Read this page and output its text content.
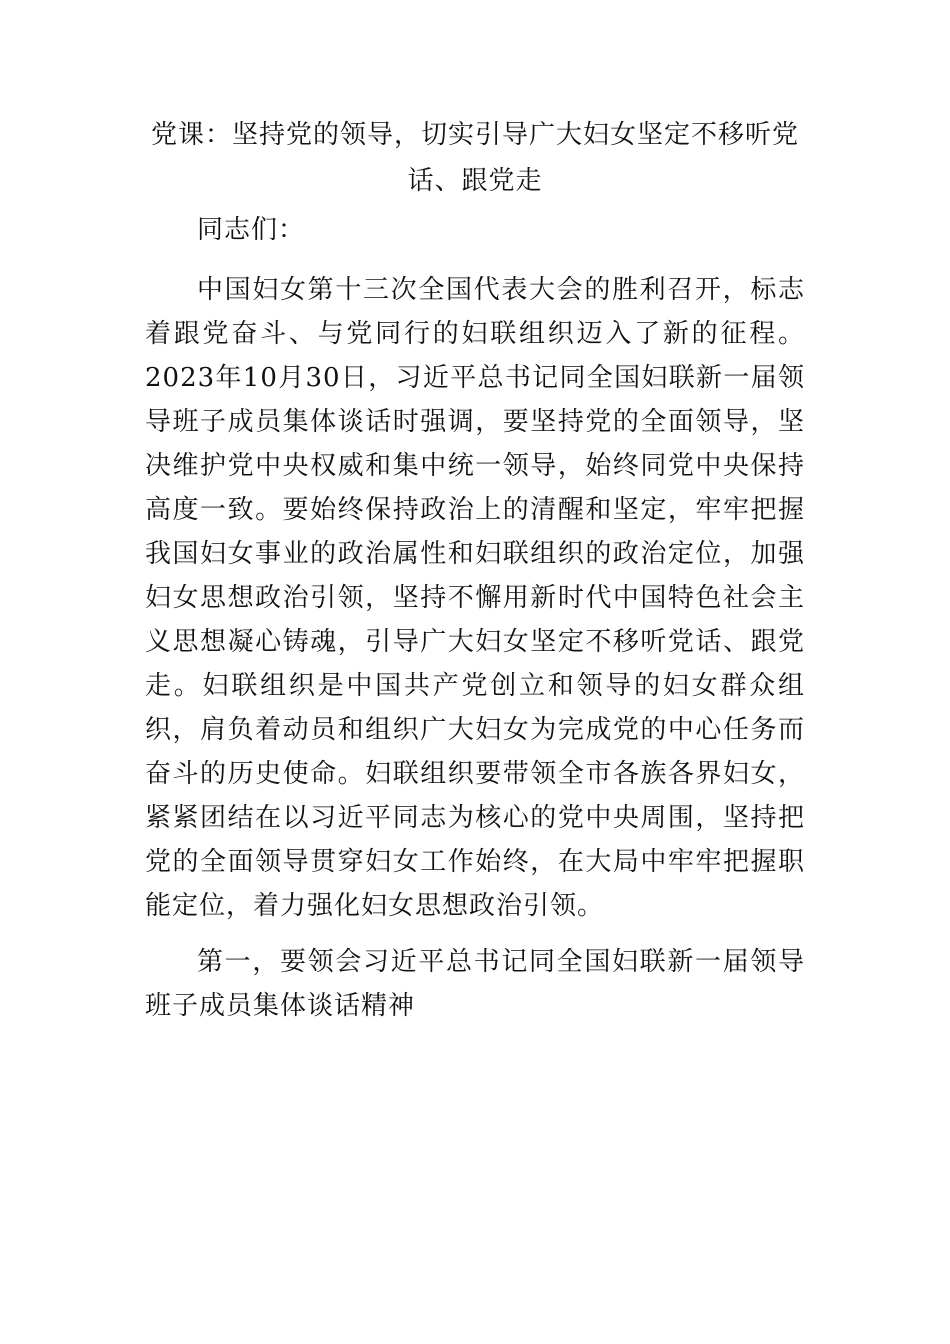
党课：坚持党的领导，切实引导广大妇女坚定不移听党话、跟党走

同志们：

中国妇女第十三次全国代表大会的胜利召开，标志着跟党奋斗、与党同行的妇联组织迈入了新的征程。2023年10月30日，习近平总书记同全国妇联新一届领导班子成员集体谈话时强调，要坚持党的全面领导，坚决维护党中央权威和集中统一领导，始终同党中央保持高度一致。要始终保持政治上的清醒和坚定，牢牢把握我国妇女事业的政治属性和妇联组织的政治定位，加强妇女思想政治引领，坚持不懈用新时代中国特色社会主义思想凝心铸魂，引导广大妇女坚定不移听党话、跟党走。妇联组织是中国共产党创立和领导的妇女群众组织，肩负着动员和组织广大妇女为完成党的中心任务而奋斗的历史使命。妇联组织要带领全市各族各界妇女，紧紧团结在以习近平同志为核心的党中央周围，坚持把党的全面领导贯穿妇女工作始终，在大局中牢牢把握职能定位，着力强化妇女思想政治引领。

第一，要领会习近平总书记同全国妇联新一届领导班子成员集体谈话精神
